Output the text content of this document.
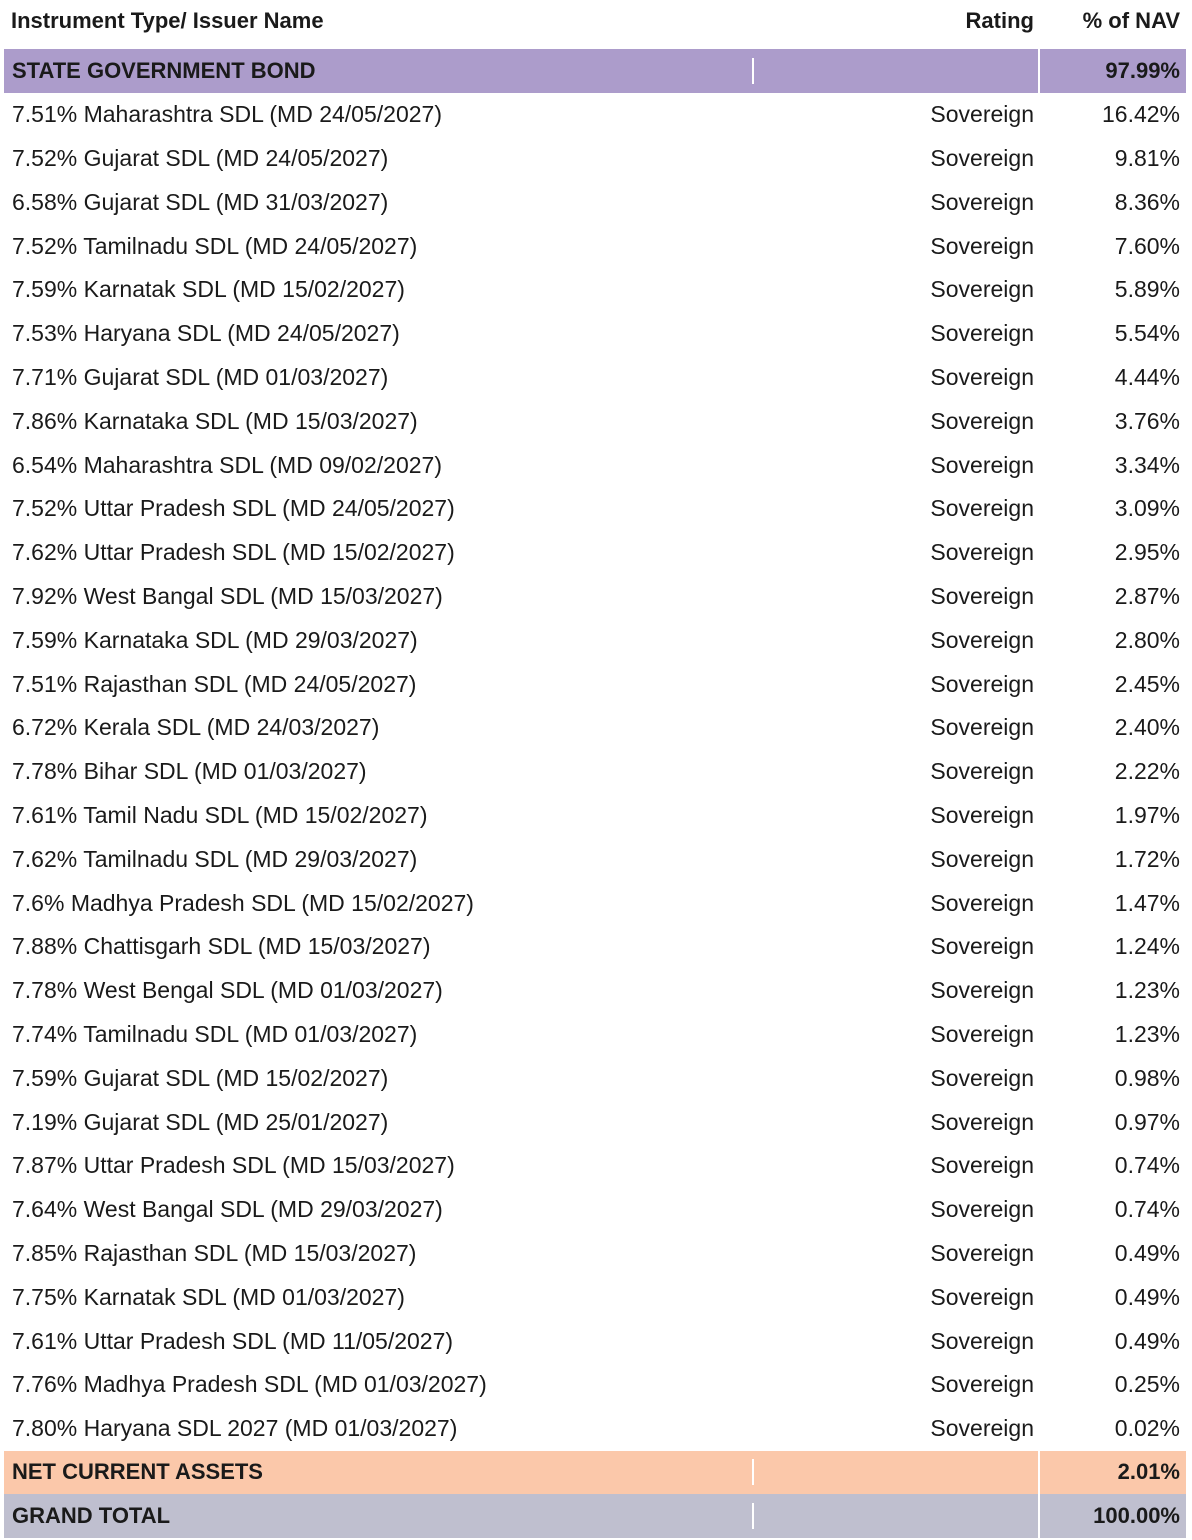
Instrument Type/ Issuer Name	Rating	% of NAV
STATE GOVERNMENT BOND	97.99%
7.51% Maharashtra SDL (MD 24/05/2027)	Sovereign	16.42%
7.52% Gujarat SDL (MD 24/05/2027)	Sovereign	9.81%
6.58% Gujarat SDL (MD 31/03/2027)	Sovereign	8.36%
7.52% Tamilnadu SDL (MD 24/05/2027)	Sovereign	7.60%
7.59% Karnatak SDL (MD 15/02/2027)	Sovereign	5.89%
7.53% Haryana SDL (MD 24/05/2027)	Sovereign	5.54%
7.71% Gujarat SDL (MD 01/03/2027)	Sovereign	4.44%
7.86% Karnataka SDL (MD 15/03/2027)	Sovereign	3.76%
6.54% Maharashtra SDL (MD 09/02/2027)	Sovereign	3.34%
7.52% Uttar Pradesh SDL (MD 24/05/2027)	Sovereign	3.09%
7.62% Uttar Pradesh SDL (MD 15/02/2027)	Sovereign	2.95%
7.92% West Bangal SDL (MD 15/03/2027)	Sovereign	2.87%
7.59% Karnataka SDL (MD 29/03/2027)	Sovereign	2.80%
7.51% Rajasthan SDL (MD 24/05/2027)	Sovereign	2.45%
6.72% Kerala SDL (MD 24/03/2027)	Sovereign	2.40%
7.78% Bihar SDL (MD 01/03/2027)	Sovereign	2.22%
7.61% Tamil Nadu SDL (MD 15/02/2027)	Sovereign	1.97%
7.62% Tamilnadu SDL (MD 29/03/2027)	Sovereign	1.72%
7.6% Madhya Pradesh SDL (MD 15/02/2027)	Sovereign	1.47%
7.88% Chattisgarh SDL (MD 15/03/2027)	Sovereign	1.24%
7.78% West Bengal SDL (MD 01/03/2027)	Sovereign	1.23%
7.74% Tamilnadu SDL (MD 01/03/2027)	Sovereign	1.23%
7.59% Gujarat SDL (MD 15/02/2027)	Sovereign	0.98%
7.19% Gujarat SDL (MD 25/01/2027)	Sovereign	0.97%
7.87% Uttar Pradesh SDL (MD 15/03/2027)	Sovereign	0.74%
7.64% West Bangal SDL (MD 29/03/2027)	Sovereign	0.74%
7.85% Rajasthan SDL (MD 15/03/2027)	Sovereign	0.49%
7.75% Karnatak SDL (MD 01/03/2027)	Sovereign	0.49%
7.61% Uttar Pradesh SDL (MD 11/05/2027)	Sovereign	0.49%
7.76% Madhya Pradesh SDL (MD 01/03/2027)	Sovereign	0.25%
7.80% Haryana SDL 2027 (MD 01/03/2027)	Sovereign	0.02%
NET CURRENT ASSETS	2.01%
GRAND TOTAL	100.00%
